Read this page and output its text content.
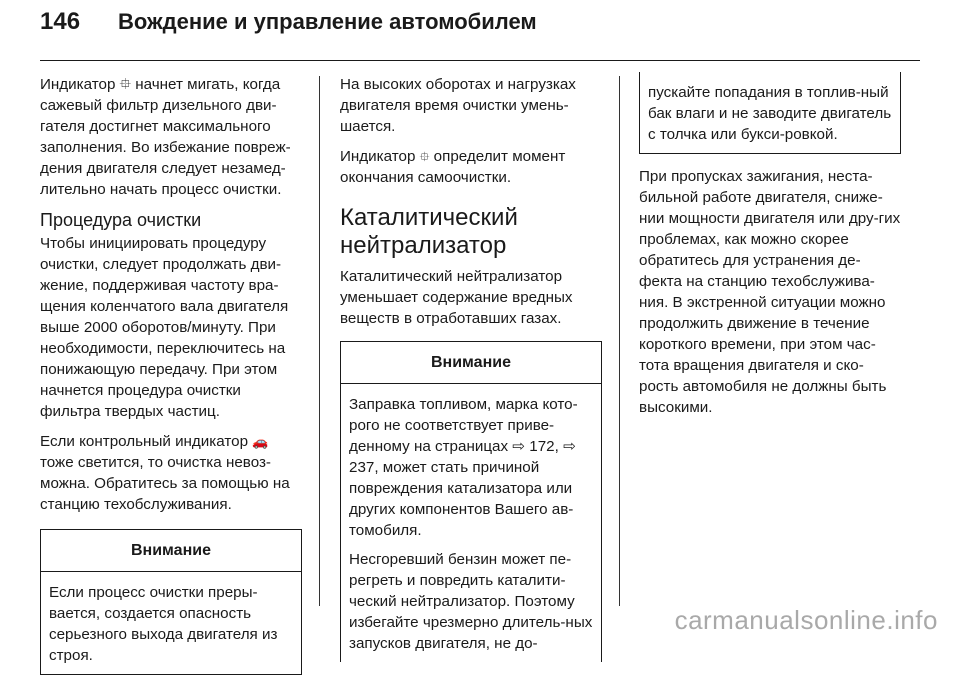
146 Вождение и управление автомобилем

Индикатор ⯐ начнет мигать, когда сажевый фильтр дизельного дви-гателя достигнет максимального заполнения. Во избежание повреж-дения двигателя следует незамед-лительно начать процесс очистки.

Процедура очистки

Чтобы инициировать процедуру очистки, следует продолжать дви-жение, поддерживая частоту вра-щения коленчатого вала двигателя выше 2000 оборотов/минуту. При необходимости, переключитесь на понижающую передачу. При этом начнется процедура очистки фильтра твердых частиц.

Если контрольный индикатор 🚗 тоже светится, то очистка невоз-можна. Обратитесь за помощью на станцию техобслуживания.

Внимание

Если процесс очистки преры-вается, создается опасность серьезного выхода двигателя из строя.

На высоких оборотах и нагрузках двигателя время очистки умень-шается.

Индикатор ⯐ определит момент окончания самоочистки.

Каталитический нейтрализатор

Каталитический нейтрализатор уменьшает содержание вредных веществ в отработавших газах.

Внимание

Заправка топливом, марка кото-рого не соответствует приве-денному на страницах ⇨ 172, ⇨ 237, может стать причиной повреждения катализатора или других компонентов Вашего ав-томобиля.

Несгоревший бензин может пе-регреть и повредить каталити-ческий нейтрализатор. Поэтому избегайте чрезмерно длитель-ных запусков двигателя, не до-

пускайте попадания в топлив-ный бак влаги и не заводите двигатель с толчка или букси-ровкой.

При пропусках зажигания, неста-бильной работе двигателя, сниже-нии мощности двигателя или дру-гих проблемах, как можно скорее обратитесь для устранения де-фекта на станцию техобслужива-ния. В экстренной ситуации можно продолжить движение в течение короткого времени, при этом час-тота вращения двигателя и ско-рость автомобиля не должны быть высокими.

carmanualsonline.info
